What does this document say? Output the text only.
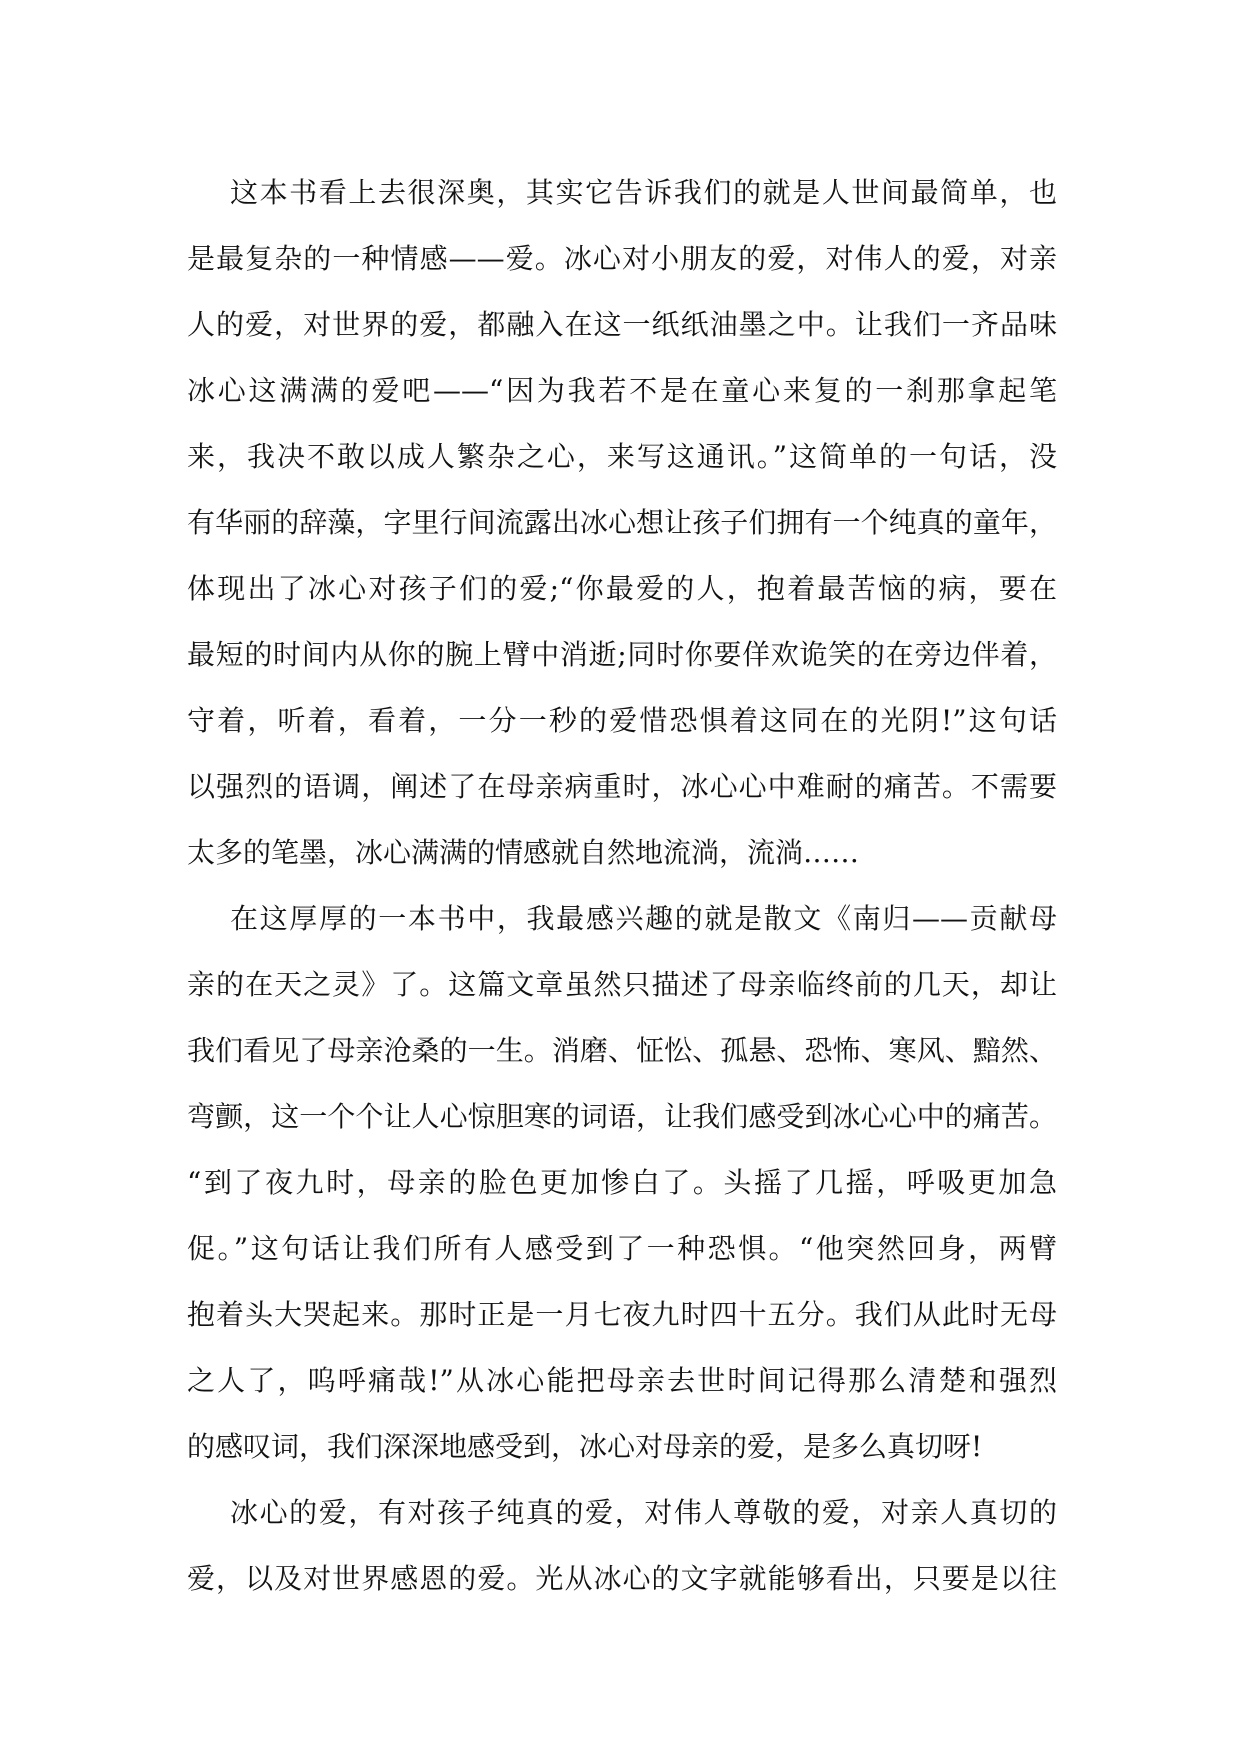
这本书看上去很深奥，其实它告诉我们的就是人世间最简单，也
是最复杂的一种情感——爱。冰心对小朋友的爱，对伟人的爱，对亲
人的爱，对世界的爱，都融入在这一纸纸油墨之中。让我们一齐品味
冰心这满满的爱吧——“因为我若不是在童心来复的一刹那拿起笔
来，我决不敢以成人繁杂之心，来写这通讯。”这简单的一句话，没
有华丽的辞藻，字里行间流露出冰心想让孩子们拥有一个纯真的童年，
体现出了冰心对孩子们的爱;“你最爱的人，抱着最苦恼的病，要在
最短的时间内从你的腕上臂中消逝;同时你要佯欢诡笑的在旁边伴着，
守着，听着，看着，一分一秒的爱惜恐惧着这同在的光阴!”这句话
以强烈的语调，阐述了在母亲病重时，冰心心中难耐的痛苦。不需要
太多的笔墨，冰心满满的情感就自然地流淌，流淌……
在这厚厚的一本书中，我最感兴趣的就是散文《南归——贡献母
亲的在天之灵》了。这篇文章虽然只描述了母亲临终前的几天，却让
我们看见了母亲沧桑的一生。消磨、怔忪、孤悬、恐怖、寒风、黯然、
弯颤，这一个个让人心惊胆寒的词语，让我们感受到冰心心中的痛苦。
“到了夜九时，母亲的脸色更加惨白了。头摇了几摇，呼吸更加急
促。”这句话让我们所有人感受到了一种恐惧。“他突然回身，两臂
抱着头大哭起来。那时正是一月七夜九时四十五分。我们从此时无母
之人了，呜呼痛哉!”从冰心能把母亲去世时间记得那么清楚和强烈
的感叹词，我们深深地感受到，冰心对母亲的爱，是多么真切呀!
冰心的爱，有对孩子纯真的爱，对伟人尊敬的爱，对亲人真切的
爱，以及对世界感恩的爱。光从冰心的文字就能够看出，只要是以往
